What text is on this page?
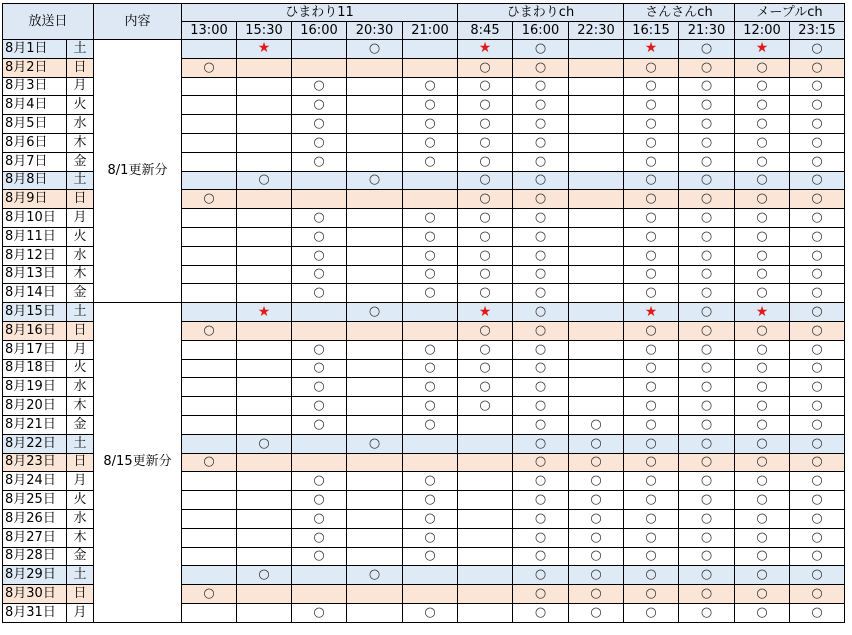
放送日		内容	ひまわり11					ひまわりch			さんさんch		メープルch	
			13:00	15:30	16:00	20:30	21:00	8:45	16:00	22:30	16:15	21:30	12:00	23:15
8月1日	土	8/1更新分		★		○		★	○		★	○	★	○
8月2日	日		○					○	○		○	○	○	○
8月3日	月				○		○	○	○		○	○	○	○
8月4日	火				○		○	○	○		○	○	○	○
8月5日	水				○		○	○	○		○	○	○	○
8月6日	木				○		○	○	○		○	○	○	○
8月7日	金				○		○	○	○		○	○	○	○
8月8日	土			○		○		○	○		○	○	○	○
8月9日	日		○					○	○		○	○	○	○
8月10日	月				○		○	○	○		○	○	○	○
8月11日	火				○		○	○	○		○	○	○	○
8月12日	水				○		○	○	○		○	○	○	○
8月13日	木				○		○	○	○		○	○	○	○
8月14日	金				○		○	○	○		○	○	○	○
8月15日	土	8/15更新分		★		○		★	○		★	○	★	○
8月16日	日		○					○	○		○	○	○	○
8月17日	月				○		○	○	○		○	○	○	○
8月18日	火				○		○	○	○		○	○	○	○
8月19日	水				○		○	○	○		○	○	○	○
8月20日	木				○		○	○	○		○	○	○	○
8月21日	金				○		○		○	○	○	○	○	○
8月22日	土			○		○			○	○	○	○	○	○
8月23日	日		○						○	○	○	○	○	○
8月24日	月				○		○		○	○	○	○	○	○
8月25日	火				○		○		○	○	○	○	○	○
8月26日	水				○		○		○	○	○	○	○	○
8月27日	木				○		○		○	○	○	○	○	○
8月28日	金				○		○		○	○	○	○	○	○
8月29日	土			○		○			○	○	○	○	○	○
8月30日	日		○						○	○	○	○	○	○
8月31日	月				○		○		○	○	○	○	○	○
